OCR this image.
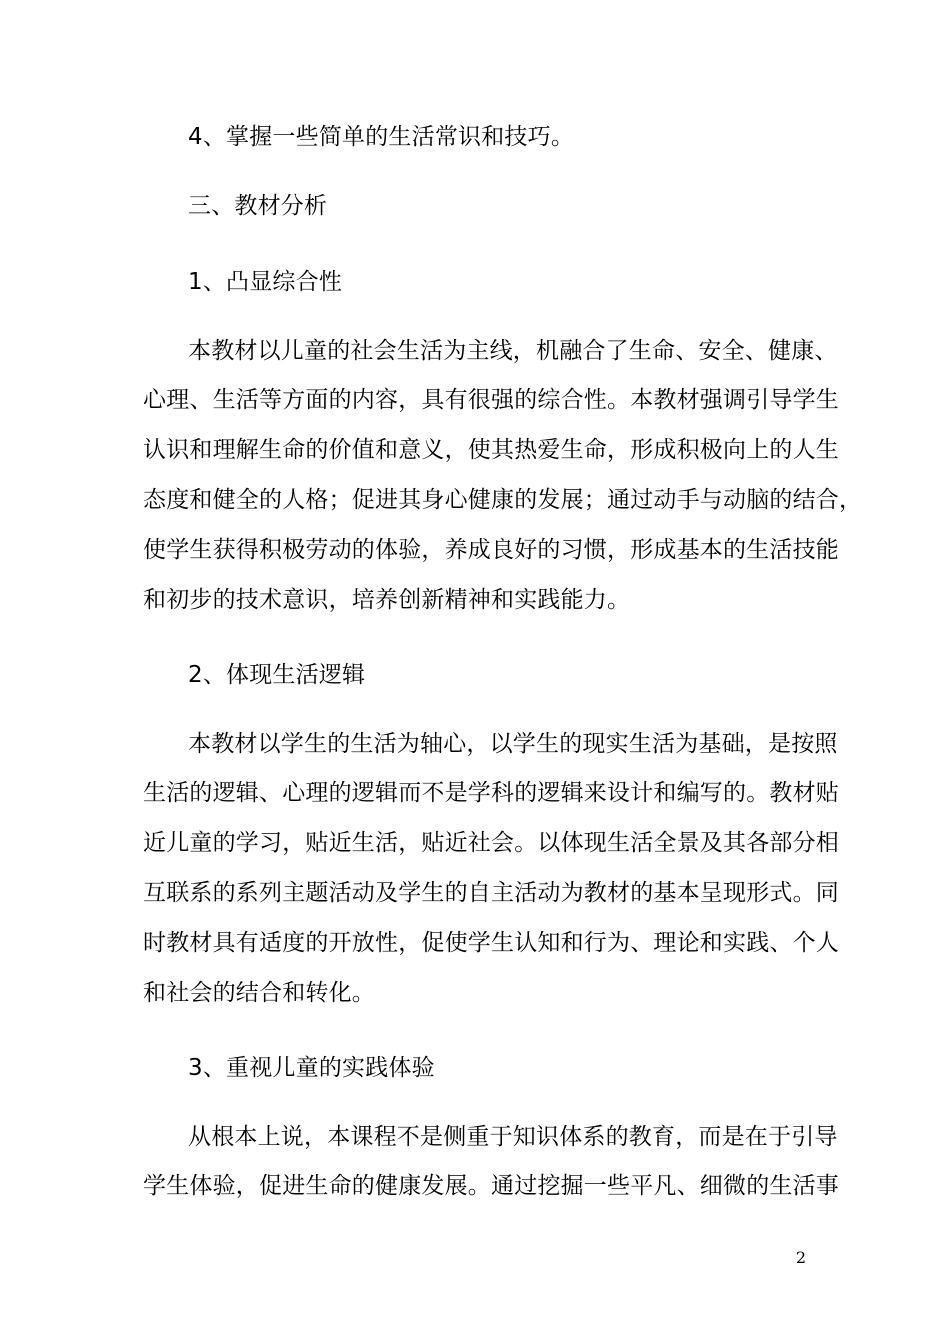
4、掌握一些简单的生活常识和技巧。
三、教材分析
1、凸显综合性
本教材以儿童的社会生活为主线，机融合了生命、安全、健康、
心理、生活等方面的内容，具有很强的综合性。本教材强调引导学生
认识和理解生命的价值和意义，使其热爱生命，形成积极向上的人生
态度和健全的人格；促进其身心健康的发展；通过动手与动脑的结合，
使学生获得积极劳动的体验，养成良好的习惯，形成基本的生活技能
和初步的技术意识，培养创新精神和实践能力。
2、体现生活逻辑
本教材以学生的生活为轴心，以学生的现实生活为基础，是按照
生活的逻辑、心理的逻辑而不是学科的逻辑来设计和编写的。教材贴
近儿童的学习，贴近生活，贴近社会。以体现生活全景及其各部分相
互联系的系列主题活动及学生的自主活动为教材的基本呈现形式。同
时教材具有适度的开放性，促使学生认知和行为、理论和实践、个人
和社会的结合和转化。
3、重视儿童的实践体验
从根本上说，本课程不是侧重于知识体系的教育，而是在于引导
学生体验，促进生命的健康发展。通过挖掘一些平凡、细微的生活事
2
